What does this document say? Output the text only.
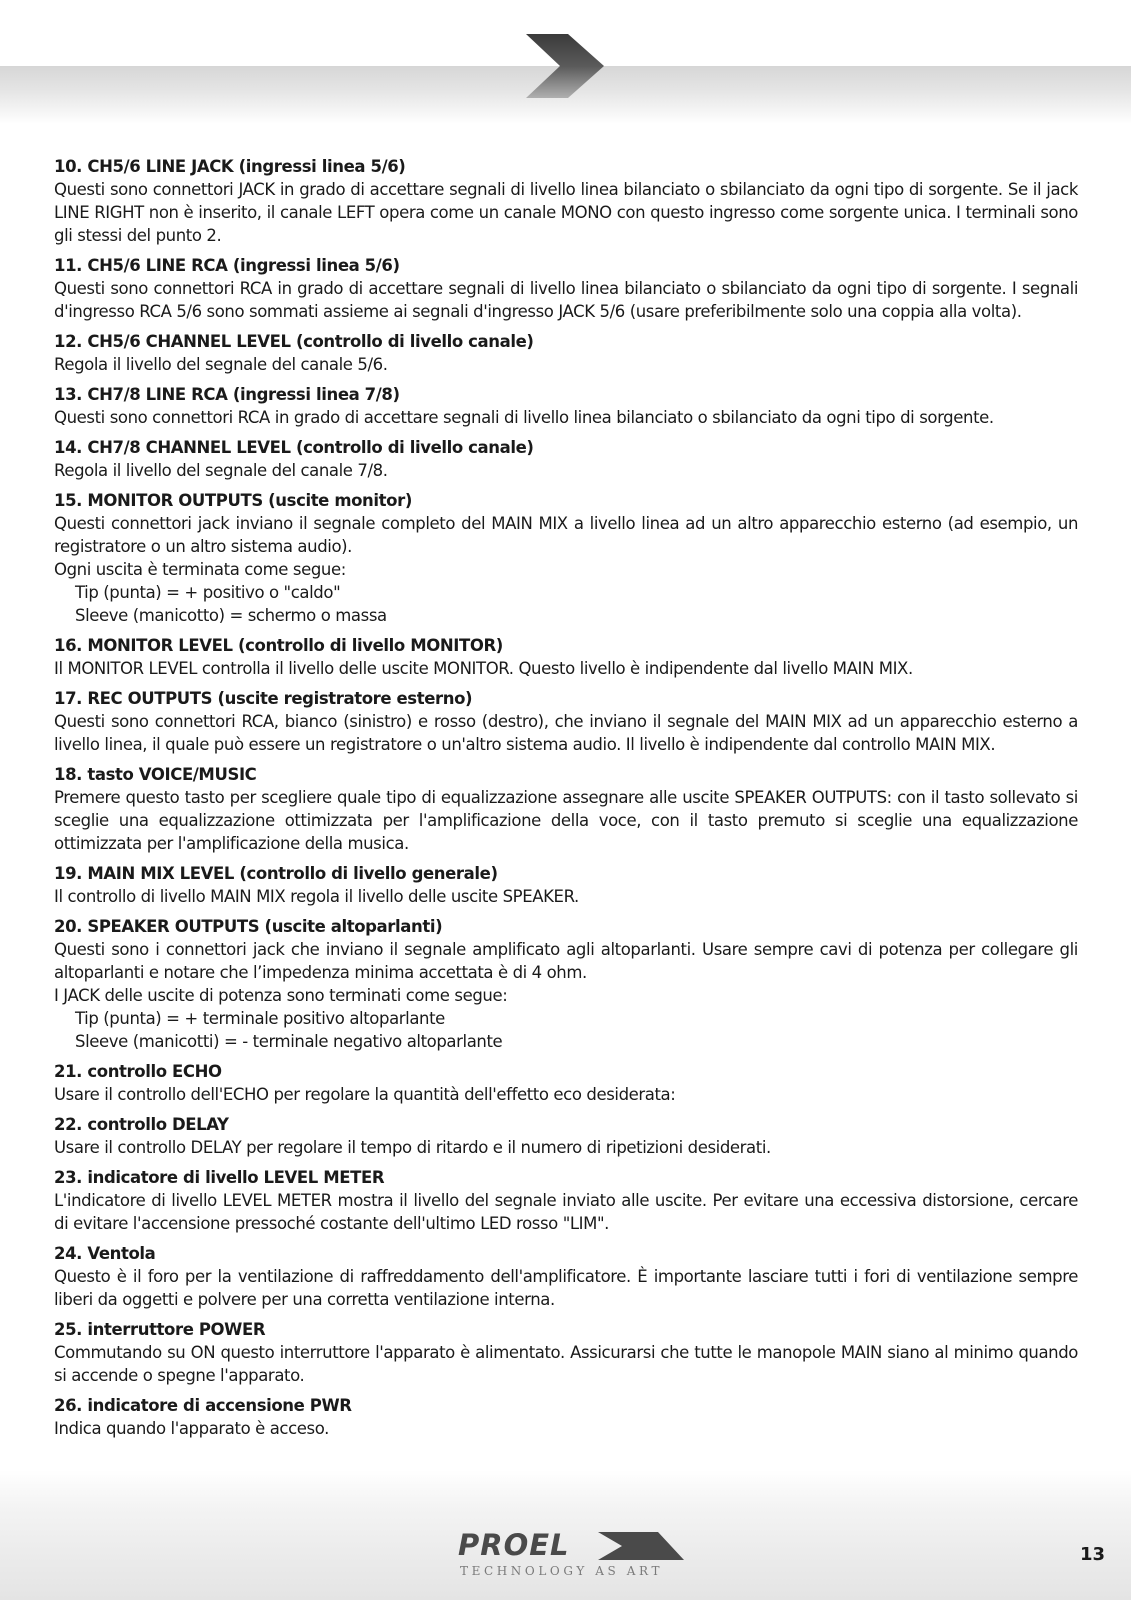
10. CH5/6 LINE JACK (ingressi linea 5/6)
Questi sono connettori JACK in grado di accettare segnali di livello linea bilanciato o sbilanciato da ogni tipo di sorgente. Se il jack LINE RIGHT non è inserito, il canale LEFT opera come un canale MONO con questo ingresso come sorgente unica. I terminali sono gli stessi del punto 2.
11. CH5/6 LINE RCA (ingressi linea 5/6)
Questi sono connettori RCA in grado di accettare segnali di livello linea bilanciato o sbilanciato da ogni tipo di sorgente. I segnali d'ingresso RCA 5/6 sono sommati assieme ai segnali d'ingresso JACK 5/6 (usare preferibilmente solo una coppia alla volta).
12. CH5/6 CHANNEL LEVEL (controllo di livello canale)
Regola il livello del segnale del canale 5/6.
13. CH7/8 LINE RCA (ingressi linea 7/8)
Questi sono connettori RCA in grado di accettare segnali di livello linea bilanciato o sbilanciato da ogni tipo di sorgente.
14. CH7/8 CHANNEL LEVEL (controllo di livello canale)
Regola il livello del segnale del canale 7/8.
15. MONITOR OUTPUTS (uscite monitor)
Questi connettori jack inviano il segnale completo del MAIN MIX a livello linea ad un altro apparecchio esterno (ad esempio, un registratore o un altro sistema audio).
Ogni uscita è terminata come segue:
Tip (punta) = + positivo o "caldo"
Sleeve (manicotto) = schermo o massa
16. MONITOR LEVEL (controllo di livello MONITOR)
Il MONITOR LEVEL controlla il livello delle uscite MONITOR. Questo livello è indipendente dal livello MAIN MIX.
17. REC OUTPUTS (uscite registratore esterno)
Questi sono connettori RCA, bianco (sinistro) e rosso (destro), che inviano il segnale del MAIN MIX ad un apparecchio esterno a livello linea, il quale può essere un registratore o un'altro sistema audio. Il livello è indipendente dal controllo MAIN MIX.
18. tasto VOICE/MUSIC
Premere questo tasto per scegliere quale tipo di equalizzazione assegnare alle uscite SPEAKER OUTPUTS: con il tasto sollevato si sceglie una equalizzazione ottimizzata per l'amplificazione della voce, con il tasto premuto si sceglie una equalizzazione ottimizzata per l'amplificazione della musica.
19. MAIN MIX LEVEL (controllo di livello generale)
Il controllo di livello MAIN MIX regola il livello delle uscite SPEAKER.
20. SPEAKER OUTPUTS (uscite altoparlanti)
Questi sono i connettori jack che inviano il segnale amplificato agli altoparlanti. Usare sempre cavi di potenza per collegare gli altoparlanti e notare che l’impedenza minima accettata è di 4 ohm.
I JACK delle uscite di potenza sono terminati come segue:
Tip (punta) = + terminale positivo altoparlante
Sleeve (manicotti) = - terminale negativo altoparlante
21. controllo ECHO
Usare il controllo dell'ECHO per regolare la quantità dell'effetto eco desiderata:
22. controllo DELAY
Usare il controllo DELAY per regolare il tempo di ritardo e il numero di ripetizioni desiderati.
23. indicatore di livello LEVEL METER
L'indicatore di livello LEVEL METER mostra il livello del segnale inviato alle uscite. Per evitare una eccessiva distorsione, cercare di evitare l'accensione pressoché costante dell'ultimo LED rosso "LIM".
24. Ventola
Questo è il foro per la ventilazione di raffreddamento dell'amplificatore. È importante lasciare tutti i fori di ventilazione sempre liberi da oggetti e polvere per una corretta ventilazione interna.
25. interruttore POWER
Commutando su ON questo interruttore l'apparato è alimentato. Assicurarsi che tutte le manopole MAIN siano al minimo quando si accende o spegne l'apparato.
26. indicatore di accensione PWR
Indica quando l'apparato è acceso.
PROEL
TECHNOLOGY AS ART
13
